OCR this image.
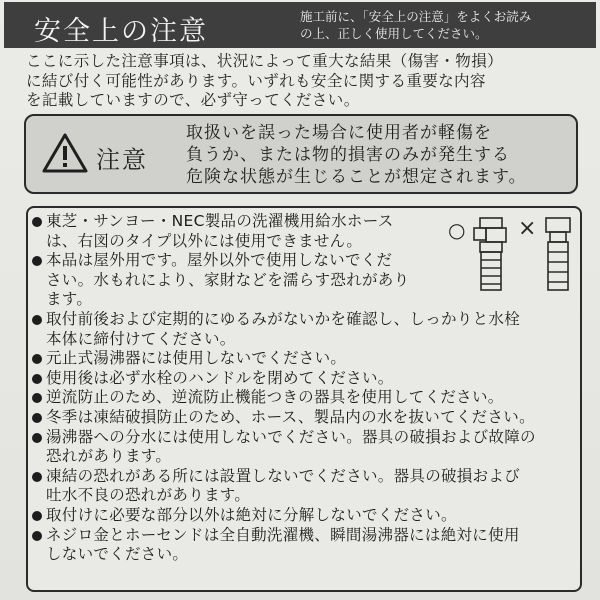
安全上の注意	施工前に、「安全上の注意」をよくお読み
の上、正しく使用してください。
ここに示した注意事項は、状況によって重大な結果（傷害・物損）
に結び付く可能性があります。いずれも安全に関する重要な内容
を記載していますので、必ず守ってください。
注意
取扱いを誤った場合に使用者が軽傷を
負うか、または物的損害のみが発生する
危険な状態が生じることが想定されます。
○ ×
東芝・サンヨー・NEC製品の洗濯機用給水ホース
は、右図のタイプ以外には使用できません。
本品は屋外用です。屋外以外で使用しないでくだ
さい。水もれにより、家財などを濡らす恐れがあり
ます。
取付前後および定期的にゆるみがないかを確認し、しっかりと水栓
本体に締付けてください。
元止式湯沸器には使用しないでください。
使用後は必ず水栓のハンドルを閉めてください。
逆流防止のため、逆流防止機能つきの器具を使用してください。
冬季は凍結破損防止のため、ホース、製品内の水を抜いてください。
湯沸器への分水には使用しないでください。器具の破損および故障の
恐れがあります。
凍結の恐れがある所には設置しないでください。器具の破損および
吐水不良の恐れがあります。
取付けに必要な部分以外は絶対に分解しないでください。
ネジロ金とホーセンドは全自動洗濯機、瞬間湯沸器には絶対に使用
しないでください。
